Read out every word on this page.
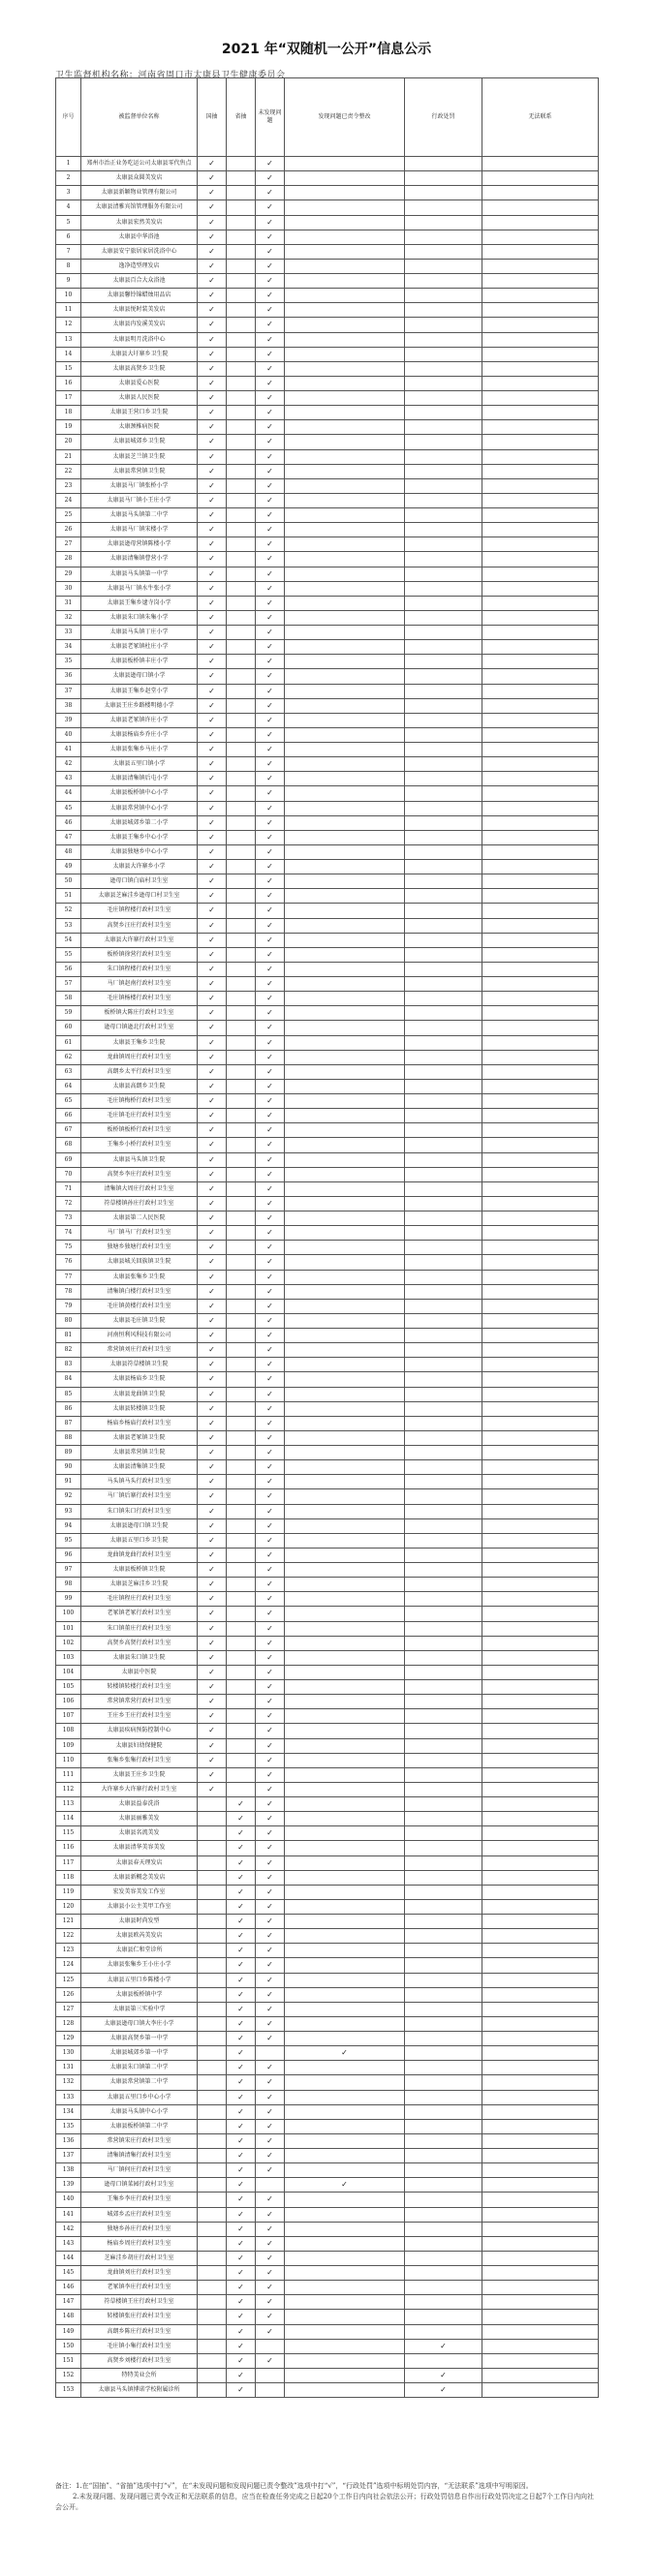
2021 年“双随机一公开”信息公示
卫生监督机构名称：河南省周口市太康县卫生健康委员会
序号	被监督单位名称	国抽	省抽	未发现问题	发现问题已责令整改	行政处罚	无法联系

1	郑州市治正业务吃运公司太康县零代售点	✓		✓			
2	太康县众圆美发店	✓		✓			
3	太康县新颖物业管理有限公司	✓		✓			
4	太康县清雅宾馆管理服务有限公司	✓		✓			
5	太康县宏然美发店	✓		✓			
6	太康县中华浴池	✓		✓			
7	太康县安宁旅居家居洗浴中心	✓		✓			
8	逸净造型理发店	✓		✓			
9	太康县百合大众浴池	✓		✓			
10	太康县馨铃锦蜡烛用品店	✓		✓			
11	太康县悦时装美发店	✓		✓			
12	太康县冉发溪美发店	✓		✓			
13	太康县明月洗浴中心	✓		✓			
14	太康县大圩寨乡卫生院	✓		✓			
15	太康县高贤乡卫生院	✓		✓			
16	太康县爱心医院	✓		✓			
17	太康县人民医院	✓		✓			
18	太康县王营口乡卫生院	✓		✓			
19	太康颈椎病医院	✓		✓			
20	太康县城郊乡卫生院	✓		✓			
21	太康县芝兰镇卫生院	✓		✓			
22	太康县常营镇卫生院	✓		✓			
23	太康县马厂镇张桥小学	✓		✓			
24	太康县马厂镇小王庄小学	✓		✓			
25	太康县马头镇第二中学	✓		✓			
26	太康县马厂镇宋楼小学	✓		✓			
27	太康县逊母营镇陈楼小学	✓		✓			
28	太康县清集镇曹营小学	✓		✓			
29	太康县马头镇第一中学	✓		✓			
30	太康县马厂镇水牛张小学	✓		✓			
31	太康县王集乡逮寺岗小学	✓		✓			
32	太康县朱口镇朱集小学	✓		✓			
33	太康县马头镇丁庄小学	✓		✓			
34	太康县老冢镇杜庄小学	✓		✓			
35	太康县板桥镇丰庄小学	✓		✓			
36	太康县逊母口镇小学	✓		✓			
37	太康县王集乡赵堂小学	✓		✓			
38	太康县王庄乡路楼明德小学	✓		✓			
39	太康县老冢镇许庄小学	✓		✓			
40	太康县杨庙乡乔庄小学	✓		✓			
41	太康县张集乡马庄小学	✓		✓			
42	太康县五里口镇小学	✓		✓			
43	太康县清集镇后屯小学	✓		✓			
44	太康县板桥镇中心小学	✓		✓			
45	太康县常营镇中心小学	✓		✓			
46	太康县城郊乡第二小学	✓		✓			
47	太康县王集乡中心小学	✓		✓			
48	太康县独塘乡中心小学	✓		✓			
49	太康县大许寨乡小学	✓		✓			
50	逊母口镇白庙村卫生室	✓		✓			
51	太康县芝麻洼乡逊母口村卫生室	✓		✓			
52	毛庄镇程楼行政村卫生室	✓		✓			
53	高贤乡汪庄行政村卫生室	✓		✓			
54	太康县大许寨行政村卫生室	✓		✓			
55	板桥镇徐营行政村卫生室	✓		✓			
56	朱口镇程楼行政村卫生室	✓		✓			
57	马厂镇赵南行政村卫生室	✓		✓			
58	毛庄镇杨楼行政村卫生室	✓		✓			
59	板桥镇大陈庄行政村卫生室	✓		✓			
60	逊母口镇逊北行政村卫生室	✓		✓			
61	太康县王集乡卫生院	✓		✓			
62	龙曲镇周庄行政村卫生室	✓		✓			
63	高朗乡太平行政村卫生室	✓		✓			
64	太康县高朗乡卫生院	✓		✓			
65	毛庄镇梅桥行政村卫生室	✓		✓			
66	毛庄镇毛庄行政村卫生室	✓		✓			
67	板桥镇板桥行政村卫生室	✓		✓			
68	王集乡小桥行政村卫生室	✓		✓			
69	太康县马头镇卫生院	✓		✓			
70	高贤乡李庄行政村卫生室	✓		✓			
71	清集镇大周庄行政村卫生室	✓		✓			
72	符草楼镇孙庄行政村卫生室	✓		✓			
73	太康县第二人民医院	✓		✓			
74	马厂镇马厂行政村卫生室	✓		✓			
75	独塘乡独塘行政村卫生室	✓		✓			
76	太康县城关回族镇卫生院	✓		✓			
77	太康县张集乡卫生院	✓		✓			
78	清集镇白楼行政村卫生室	✓		✓			
79	毛庄镇黄楼行政村卫生室	✓		✓			
80	太康县毛庄镇卫生院	✓		✓			
81	河南恒利风科技有限公司	✓		✓			
82	常营镇刘庄行政村卫生室	✓		✓			
83	太康县符草楼镇卫生院	✓		✓			
84	太康县杨庙乡卫生院	✓		✓			
85	太康县龙曲镇卫生院	✓		✓			
86	太康县转楼镇卫生院	✓		✓			
87	杨庙乡杨庙行政村卫生室	✓		✓			
88	太康县老冢镇卫生院	✓		✓			
89	太康县常营镇卫生院	✓		✓			
90	太康县清集镇卫生院	✓		✓			
91	马头镇马头行政村卫生室	✓		✓			
92	马厂镇后寨行政村卫生室	✓		✓			
93	朱口镇朱口行政村卫生室	✓		✓			
94	太康县逊母口镇卫生院	✓		✓			
95	太康县五里口乡卫生院	✓		✓			
96	龙曲镇龙曲行政村卫生室	✓		✓			
97	太康县板桥镇卫生院	✓		✓			
98	太康县芝麻洼乡卫生院	✓		✓			
99	毛庄镇程庄行政村卫生室	✓		✓			
100	老冢镇老冢行政村卫生室	✓		✓			
101	朱口镇董庄行政村卫生室	✓		✓			
102	高贤乡高贤行政村卫生室	✓		✓			
103	太康县朱口镇卫生院	✓		✓			
104	太康县中医院	✓		✓			
105	转楼镇转楼行政村卫生室	✓		✓			
106	常营镇常营行政村卫生室	✓		✓			
107	王庄乡王庄行政村卫生室	✓		✓			
108	太康县疾病预防控制中心	✓		✓			
109	太康县妇幼保健院	✓		✓			
110	张集乡张集行政村卫生室	✓		✓			
111	太康县王庄乡卫生院	✓		✓			
112	大许寨乡大许寨行政村卫生室	✓		✓			
113	太康县益泰洗浴		✓	✓			
114	太康县丽雅美发		✓	✓			
115	太康县名流美发		✓	✓			
116	太康县清华美容美发		✓	✓			
117	太康县春天理发店		✓	✓			
118	太康县新概念美发店		✓	✓			
119	宏发美容美发工作室		✓	✓			
120	太康县小公主美甲工作室		✓	✓			
121	太康县时尚发型		✓	✓			
122	太康县欧芮美发店		✓	✓			
123	太康县仁和堂诊所		✓	✓			
124	太康县张集乡王小庄小学		✓	✓			
125	太康县五里口乡陈楼小学		✓	✓			
126	太康县板桥镇中学		✓	✓			
127	太康县第三实验中学		✓	✓			
128	太康县逊母口镇大李庄小学		✓	✓			
129	太康县高贤乡第一中学		✓	✓			
130	太康县城郊乡第一中学		✓		✓		
131	太康县朱口镇第二中学		✓	✓			
132	太康县常营镇第二中学		✓	✓			
133	太康县五里口乡中心小学		✓	✓			
134	太康县马头镇中心小学		✓	✓			
135	太康县板桥镇第二中学		✓	✓			
136	常营镇宋庄行政村卫生室		✓	✓			
137	清集镇清集行政村卫生室		✓	✓			
138	马厂镇何庄行政村卫生室		✓	✓			
139	逊母口镇菜园行政村卫生室		✓		✓		
140	王集乡李庄行政村卫生室		✓	✓			
141	城郊乡孟庄行政村卫生室		✓	✓			
142	独塘乡孙庄行政村卫生室		✓	✓			
143	杨庙乡周庄行政村卫生室		✓	✓			
144	芝麻洼乡胡庄行政村卫生室		✓	✓			
145	龙曲镇刘庄行政村卫生室		✓	✓			
146	老冢镇李庄行政村卫生室		✓	✓			
147	符草楼镇王庄行政村卫生室		✓	✓			
148	转楼镇张庄行政村卫生室		✓	✓			
149	高朗乡陈庄行政村卫生室		✓	✓			
150	毛庄镇小集行政村卫生室		✓			✓	
151	高贤乡刘楼行政村卫生室		✓	✓			
152	特特美业会所		✓			✓	
153	太康县马头镇博诺学校附属诊所		✓			✓	

备注：1.在“国抽”、“省抽”选项中打“√”，在“未发现问题和发现问题已责令整改”选项中打“√”，“行政处罚”选项中标明处罚内容，“无法联系”选项中写明原因。

2.未发现问题、发现问题已责令改正和无法联系的信息，应当在检查任务完成之日起20个工作日内向社会依法公开；行政处罚信息自作出行政处罚决定之日起7个工作日内向社会公开。
